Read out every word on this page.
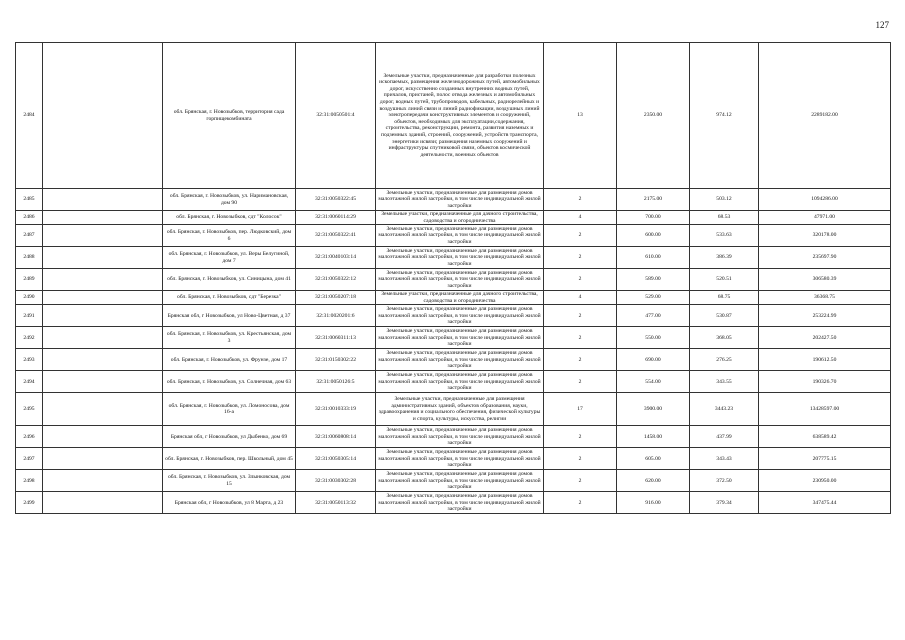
127
2484		обл. Брянская, г. Новозыбков, территория сада горпищекомбината	32:31:0050501:4	Земельные участки, предназначенные для разработки полезных ископаемых, размещения железнодорожных путей, автомобильных дорог, искусственно созданных внутренних водных путей, причалов, пристаней, полос отвода железных и автомобильных дорог, водных путей, трубопроводов, кабельных, радиорелейных и воздушных линий связи и линий радиофикации, воздушных линий электропередачи конструктивных элементов и сооружений, объектов, необходимых для эксплуатации,содержания, строительства, реконструкции, ремонта, развития наземных и подземных зданий, строений, сооружений, устройств транспорта, энергетики исвязи; размещения наземных сооружений и инфраструктуры спутниковой связи, объектов космической деятельности, военных объектов	13	2350.00	974.12	2289182.00
2485		обл. Брянская, г. Новозыбков, ул. Наримановская, дом 90	32:31:0050322:45	Земельные участки, предназначенные для размещения домов малоэтажной жилой застройки, в том числе индивидуальной жилой застройки	2	2175.00	503.12	1094286.00
2486		обл. Брянская, г. Новозыбков, сдт "Колосок"	32:31:0060114:29	Земельные участки, предназначенные для дачного строительства, садоводства и огородничества	4	700.00	68.53	47971.00
2487		обл. Брянская, г. Новозыбков, пер. Людковский, дом 6	32:31:0050322:41	Земельные участки, предназначенные для размещения домов малоэтажной жилой застройки, в том числе индивидуальной жилой застройки	2	600.00	533.63	320178.00
2488		обл. Брянская, г. Новозыбков, ул. Веры Белугиной, дом 7	32:31:0040103:14	Земельные участки, предназначенные для размещения домов малоэтажной жилой застройки, в том числе индивидуальной жилой застройки	2	610.00	386.39	235697.90
2489		обл. Брянская, г. Новозыбков, ул. Синицына, дом 41	32:31:0050322:12	Земельные участки, предназначенные для размещения домов малоэтажной жилой застройки, в том числе индивидуальной жилой застройки	2	589.00	520.51	306580.39
2490		обл. Брянская, г. Новозыбков, сдт "Березка"	32:31:0050207:18	Земельные участки, предназначенные для дачного строительства, садоводства и огородничества	4	529.00	68.75	36368.75
2491		Брянская обл, г Новозыбков, ул Ново-Цветная, д 37	32:31:0020201:6	Земельные участки, предназначенные для размещения домов малоэтажной жилой застройки, в том числе индивидуальной жилой застройки	2	477.00	530.87	253224.99
2492		обл. Брянская, г. Новозыбков, ул. Крестьянская, дом 3	32:31:0060311:13	Земельные участки, предназначенные для размещения домов малоэтажной жилой застройки, в том числе индивидуальной жилой застройки	2	550.00	368.05	202427.50
2493		обл. Брянская, г. Новозыбков, ул. Фрунзе, дом 17	32:31:0150302:22	Земельные участки, предназначенные для размещения домов малоэтажной жилой застройки, в том числе индивидуальной жилой застройки	2	690.00	276.25	190612.50
2494		обл. Брянская, г. Новозыбков, ул. Солнечная, дом 63	32:31:0050126:5	Земельные участки, предназначенные для размещения домов малоэтажной жилой застройки, в том числе индивидуальной жилой застройки	2	554.00	343.55	190326.70
2495		обл. Брянская, г. Новозыбков, ул. Ломоносова, дом 16-а	32:31:0010333:19	Земельные участки, предназначенные для размещения административных зданий, объектов образования, науки, здравоохранения и социального обеспечения, физической культуры и спорта, культуры, искусства, религии	17	3900.00	3443.23	13428597.00
2496		Брянская обл, г Новозыбков, ул Дыбенко, дом 69	32:31:0060808:14	Земельные участки, предназначенные для размещения домов малоэтажной жилой застройки, в том числе индивидуальной жилой застройки	2	1458.00	437.99	638589.42
2497		обл. Брянская, г. Новозыбков, пер. Школьный, дом 45	32:31:0050305:14	Земельные участки, предназначенные для размещения домов малоэтажной жилой застройки, в том числе индивидуальной жилой застройки	2	605.00	343.43	207775.15
2498		обл. Брянская, г. Новозыбков, ул. Злынковская, дом 15	32:31:0030302:28	Земельные участки, предназначенные для размещения домов малоэтажной жилой застройки, в том числе индивидуальной жилой застройки	2	620.00	372.50	230950.00
2499		Брянская обл, г Новозыбков, ул 8 Марта, д 23	32:31:0050113:32	Земельные участки, предназначенные для размещения домов малоэтажной жилой застройки, в том числе индивидуальной жилой застройки	2	916.00	379.34	347475.44
